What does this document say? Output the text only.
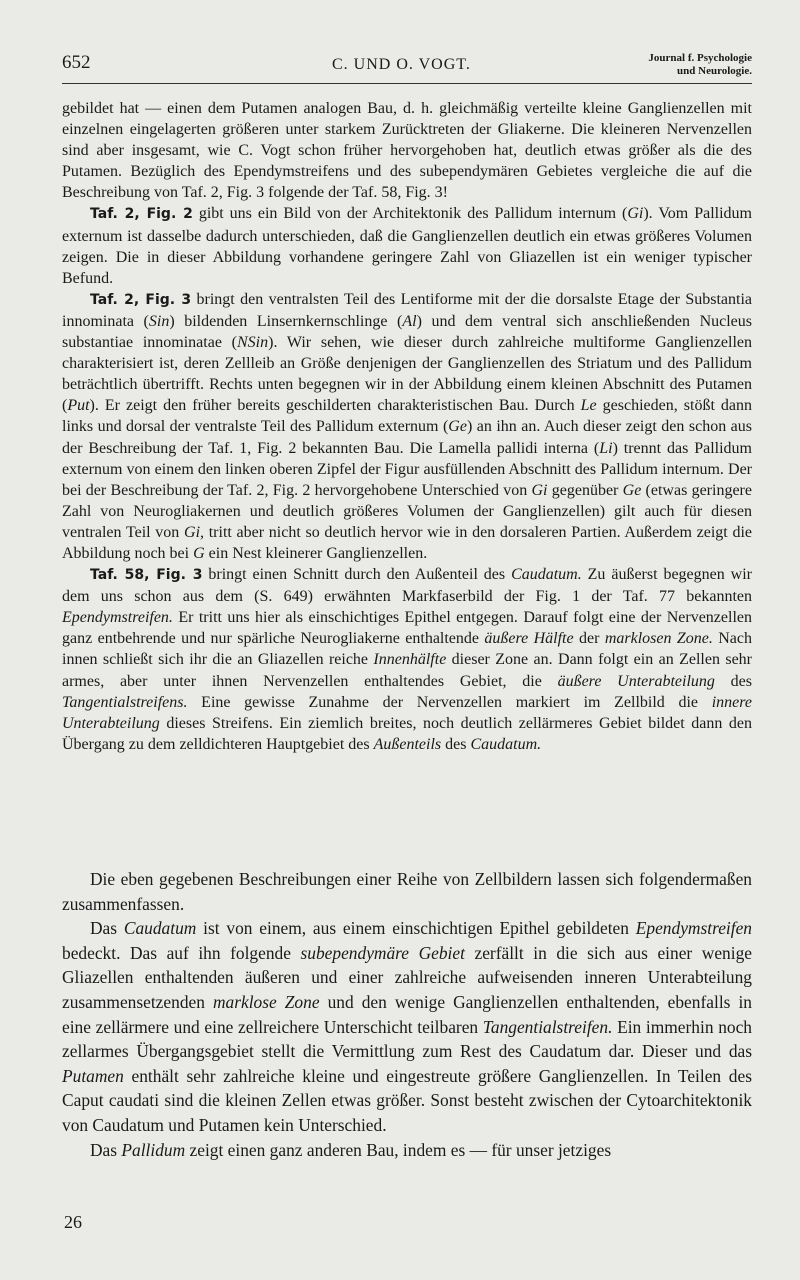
652	C. UND O. VOGT.	Journal f. Psychologie
und Neurologie.

gebildet hat — einen dem Putamen analogen Bau, d. h. gleichmäßig verteilte kleine Ganglienzellen mit einzelnen eingelagerten größeren unter starkem Zurücktreten der Gliakerne. Die kleineren Nervenzellen sind aber insgesamt, wie C. Vogt schon früher hervorgehoben hat, deutlich etwas größer als die des Putamen. Bezüglich des Ependymstreifens und des subependymären Gebietes vergleiche die auf die Beschreibung von Taf. 2, Fig. 3 folgende der Taf. 58, Fig. 3!

Taf. 2, Fig. 2 gibt uns ein Bild von der Architektonik des Pallidum internum (Gi). Vom Pallidum externum ist dasselbe dadurch unterschieden, daß die Ganglienzellen deutlich ein etwas größeres Volumen zeigen. Die in dieser Abbildung vorhandene geringere Zahl von Gliazellen ist ein weniger typischer Befund.

Taf. 2, Fig. 3 bringt den ventralsten Teil des Lentiforme mit der die dorsalste Etage der Substantia innominata (Sin) bildenden Linsernkernschlinge (Al) und dem ventral sich anschließenden Nucleus substantiae innominatae (NSin). Wir sehen, wie dieser durch zahlreiche multiforme Ganglienzellen charakterisiert ist, deren Zellleib an Größe denjenigen der Ganglienzellen des Striatum und des Pallidum beträchtlich übertrifft. Rechts unten begegnen wir in der Abbildung einem kleinen Abschnitt des Putamen (Put). Er zeigt den früher bereits geschilderten charakteristischen Bau. Durch Le geschieden, stößt dann links und dorsal der ventralste Teil des Pallidum externum (Ge) an ihn an. Auch dieser zeigt den schon aus der Beschreibung der Taf. 1, Fig. 2 bekannten Bau. Die Lamella pallidi interna (Li) trennt das Pallidum externum von einem den linken oberen Zipfel der Figur ausfüllenden Abschnitt des Pallidum internum. Der bei der Beschreibung der Taf. 2, Fig. 2 hervorgehobene Unterschied von Gi gegenüber Ge (etwas geringere Zahl von Neurogliakernen und deutlich größeres Volumen der Ganglienzellen) gilt auch für diesen ventralen Teil von Gi, tritt aber nicht so deutlich hervor wie in den dorsaleren Partien. Außerdem zeigt die Abbildung noch bei G ein Nest kleinerer Ganglienzellen.

Taf. 58, Fig. 3 bringt einen Schnitt durch den Außenteil des Caudatum. Zu äußerst begegnen wir dem uns schon aus dem (S. 649) erwähnten Markfaserbild der Fig. 1 der Taf. 77 bekannten Ependymstreifen. Er tritt uns hier als einschichtiges Epithel entgegen. Darauf folgt eine der Nervenzellen ganz entbehrende und nur spärliche Neurogliakerne enthaltende äußere Hälfte der marklosen Zone. Nach innen schließt sich ihr die an Gliazellen reiche Innenhälfte dieser Zone an. Dann folgt ein an Zellen sehr armes, aber unter ihnen Nervenzellen enthaltendes Gebiet, die äußere Unterabteilung des Tangentialstreifens. Eine gewisse Zunahme der Nervenzellen markiert im Zellbild die innere Unterabteilung dieses Streifens. Ein ziemlich breites, noch deutlich zellärmeres Gebiet bildet dann den Übergang zu dem zelldichteren Hauptgebiet des Außenteils des Caudatum.

Die eben gegebenen Beschreibungen einer Reihe von Zellbildern lassen sich folgendermaßen zusammenfassen.

Das Caudatum ist von einem, aus einem einschichtigen Epithel gebildeten Ependymstreifen bedeckt. Das auf ihn folgende subependymäre Gebiet zerfällt in die sich aus einer wenige Gliazellen enthaltenden äußeren und einer zahlreiche aufweisenden inneren Unterabteilung zusammensetzenden marklose Zone und den wenige Ganglienzellen enthaltenden, ebenfalls in eine zellärmere und eine zellreichere Unterschicht teilbaren Tangentialstreifen. Ein immerhin noch zellarmes Übergangsgebiet stellt die Vermittlung zum Rest des Caudatum dar. Dieser und das Putamen enthält sehr zahlreiche kleine und eingestreute größere Ganglienzellen. In Teilen des Caput caudati sind die kleinen Zellen etwas größer. Sonst besteht zwischen der Cytoarchitektonik von Caudatum und Putamen kein Unterschied.

Das Pallidum zeigt einen ganz anderen Bau, indem es — für unser jetziges

26
